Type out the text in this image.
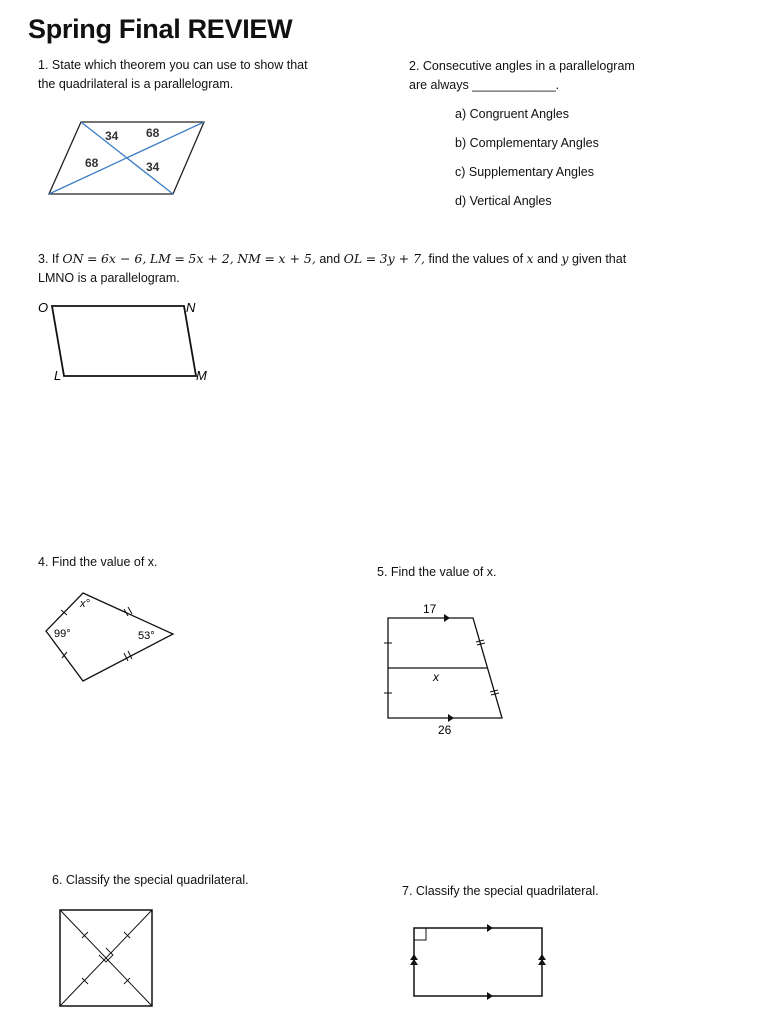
Spring Final REVIEW
1. State which theorem you can use to show that
the quadrilateral is a parallelogram.
34 68
68	34
2. Consecutive angles in a parallelogram
are always ____________.
a) Congruent Angles
b) Complementary Angles
c) Supplementary Angles
d) Vertical Angles
3. If ON = 6x − 6, LM = 5x + 2, NM = x + 5, and OL = 3y + 7, find the values of x and y given that
LMNO is a parallelogram.
O	N
L	M
4. Find the value of x.
x°
99°	53°
5. Find the value of x.
17
x
26
6. Classify the special quadrilateral.
7. Classify the special quadrilateral.
